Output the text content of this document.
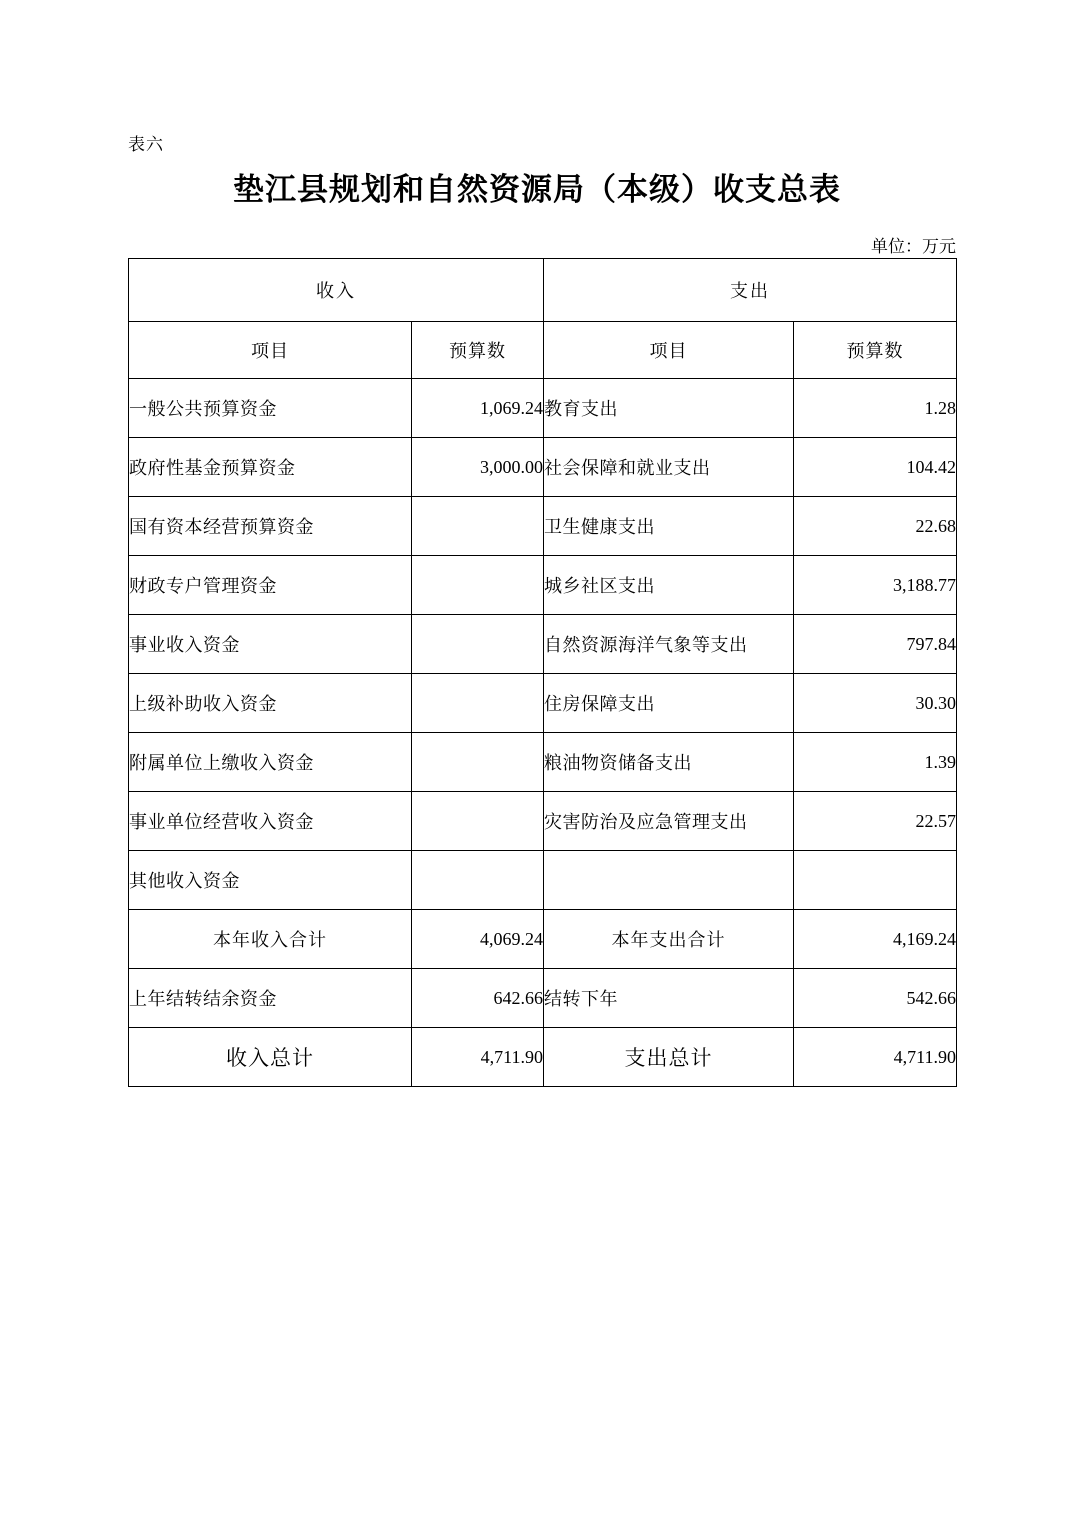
表六
垫江县规划和自然资源局（本级）收支总表
单位：万元
收入		支出	
项目	预算数	项目	预算数
一般公共预算资金	1,069.24	教育支出	1.28
政府性基金预算资金	3,000.00	社会保障和就业支出	104.42
国有资本经营预算资金		卫生健康支出	22.68
财政专户管理资金		城乡社区支出	3,188.77
事业收入资金		自然资源海洋气象等支出	797.84
上级补助收入资金		住房保障支出	30.30
附属单位上缴收入资金		粮油物资储备支出	1.39
事业单位经营收入资金		灾害防治及应急管理支出	22.57
其他收入资金			
本年收入合计	4,069.24	本年支出合计	4,169.24
上年结转结余资金	642.66	结转下年	542.66
收入总计	4,711.90	支出总计	4,711.90
